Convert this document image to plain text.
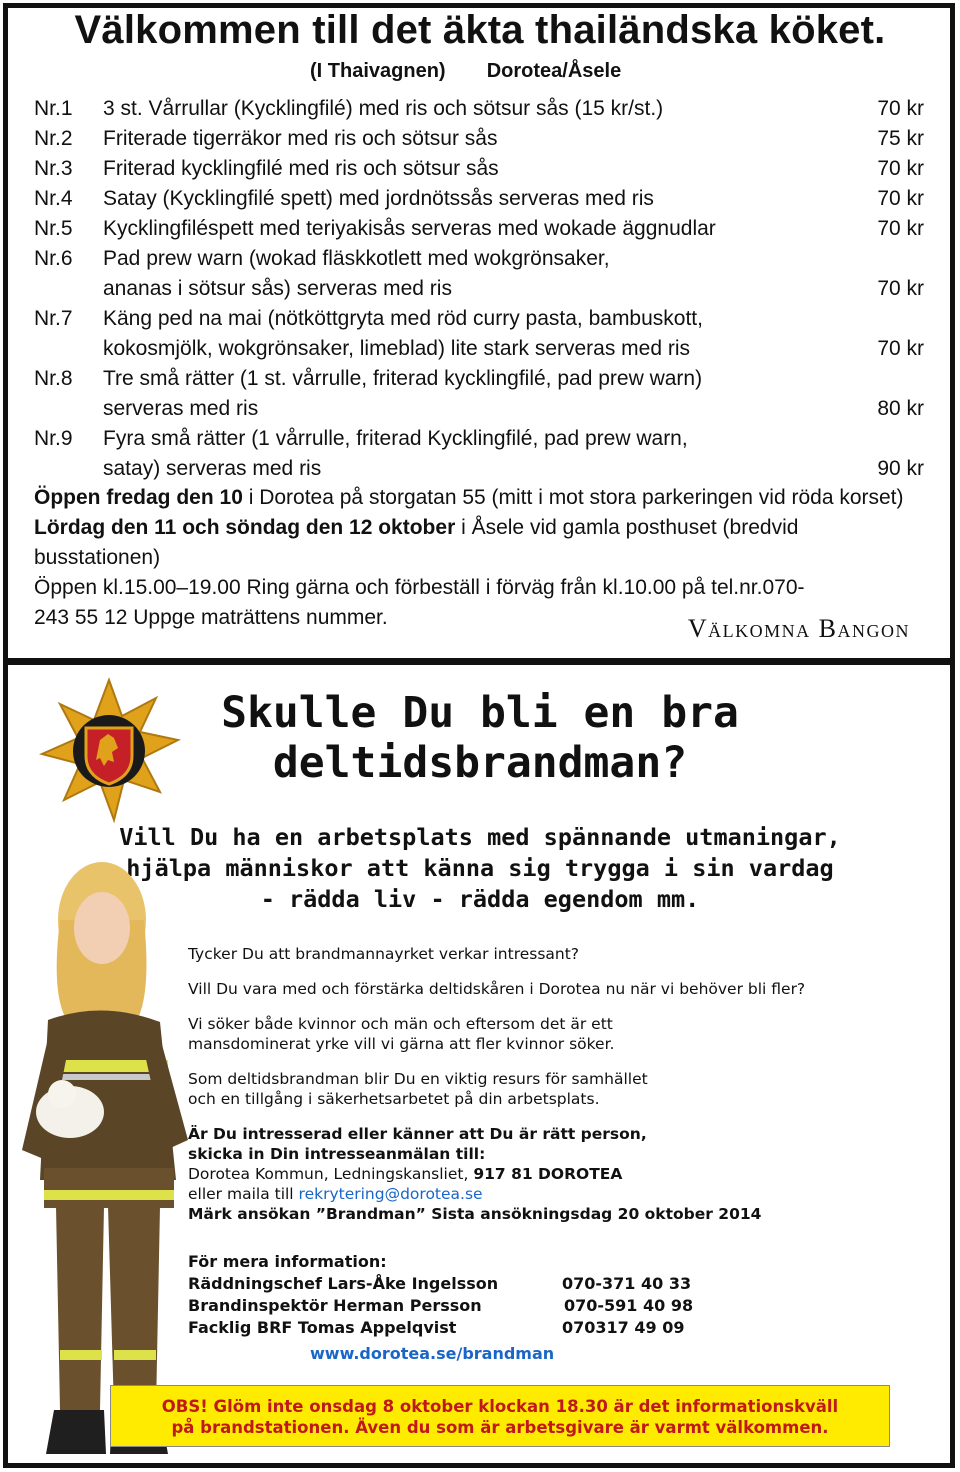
Välkommen till det äkta thailändska köket.
(I Thaivagnen) Dorotea/Åsele
Nr.1 3 st. Vårrullar (Kycklingfilé) med ris och sötsur sås (15 kr/st.)	70 kr
Nr.2 Friterade tigerräkor med ris och sötsur sås	75 kr
Nr.3 Friterad kycklingfilé med ris och sötsur sås	70 kr
Nr.4 Satay (Kycklingfilé spett) med jordnötssås serveras med ris	70 kr
Nr.5 Kycklingfiléspett med teriyakisås serveras med wokade äggnudlar	70 kr
Nr.6 Pad prew warn (wokad fläskkotlett med wokgrönsaker,
ananas i sötsur sås) serveras med ris	70 kr
Nr.7 Käng ped na mai (nötköttgryta med röd curry pasta, bambuskott,
kokosmjölk, wokgrönsaker, limeblad) lite stark serveras med ris	70 kr
Nr.8 Tre små rätter (1 st. vårrulle, friterad kycklingfilé, pad prew warn)
serveras med ris	80 kr
Nr.9 Fyra små rätter (1 vårrulle, friterad Kycklingfilé, pad prew warn,
satay) serveras med ris	90 kr

Öppen fredag den 10 i Dorotea på storgatan 55 (mitt i mot stora parkeringen vid röda korset) Lördag den 11 och söndag den 12 oktober i Åsele vid gamla posthuset (bredvid busstationen)

Öppen kl.15.00–19.00 Ring gärna och förbeställ i förväg från kl.10.00 på tel.nr.070-243 55 12 Uppge maträttens nummer.	Välkomna Bangon
Skulle Du bli en bra
deltidsbrandman?
Vill Du ha en arbetsplats med spännande utmaningar,
hjälpa människor att känna sig trygga i sin vardag
- rädda liv - rädda egendom mm.

Tycker Du att brandmannayrket verkar intressant?

Vill Du vara med och förstärka deltidskåren i Dorotea nu när vi behöver bli fler?

Vi söker både kvinnor och män och eftersom det är ett
mansdominerat yrke vill vi gärna att fler kvinnor söker.

Som deltidsbrandman blir Du en viktig resurs för samhället
och en tillgång i säkerhetsarbetet på din arbetsplats.

Är Du intresserad eller känner att Du är rätt person,
skicka in Din intresseanmälan till:
Dorotea Kommun, Ledningskansliet, 917 81 DOROTEA
eller maila till rekrytering@dorotea.se
Märk ansökan ”Brandman” Sista ansökningsdag 20 oktober 2014

För mera information:
Räddningschef Lars-Åke Ingelsson	070-371 40 33
Brandinspektör Herman Persson	070-591 40 98
Facklig BRF Tomas Appelqvist	070317 49 09
www.dorotea.se/brandman
OBS! Glöm inte onsdag 8 oktober klockan 18.30 är det informationskväll
på brandstationen. Även du som är arbetsgivare är varmt välkommen.
